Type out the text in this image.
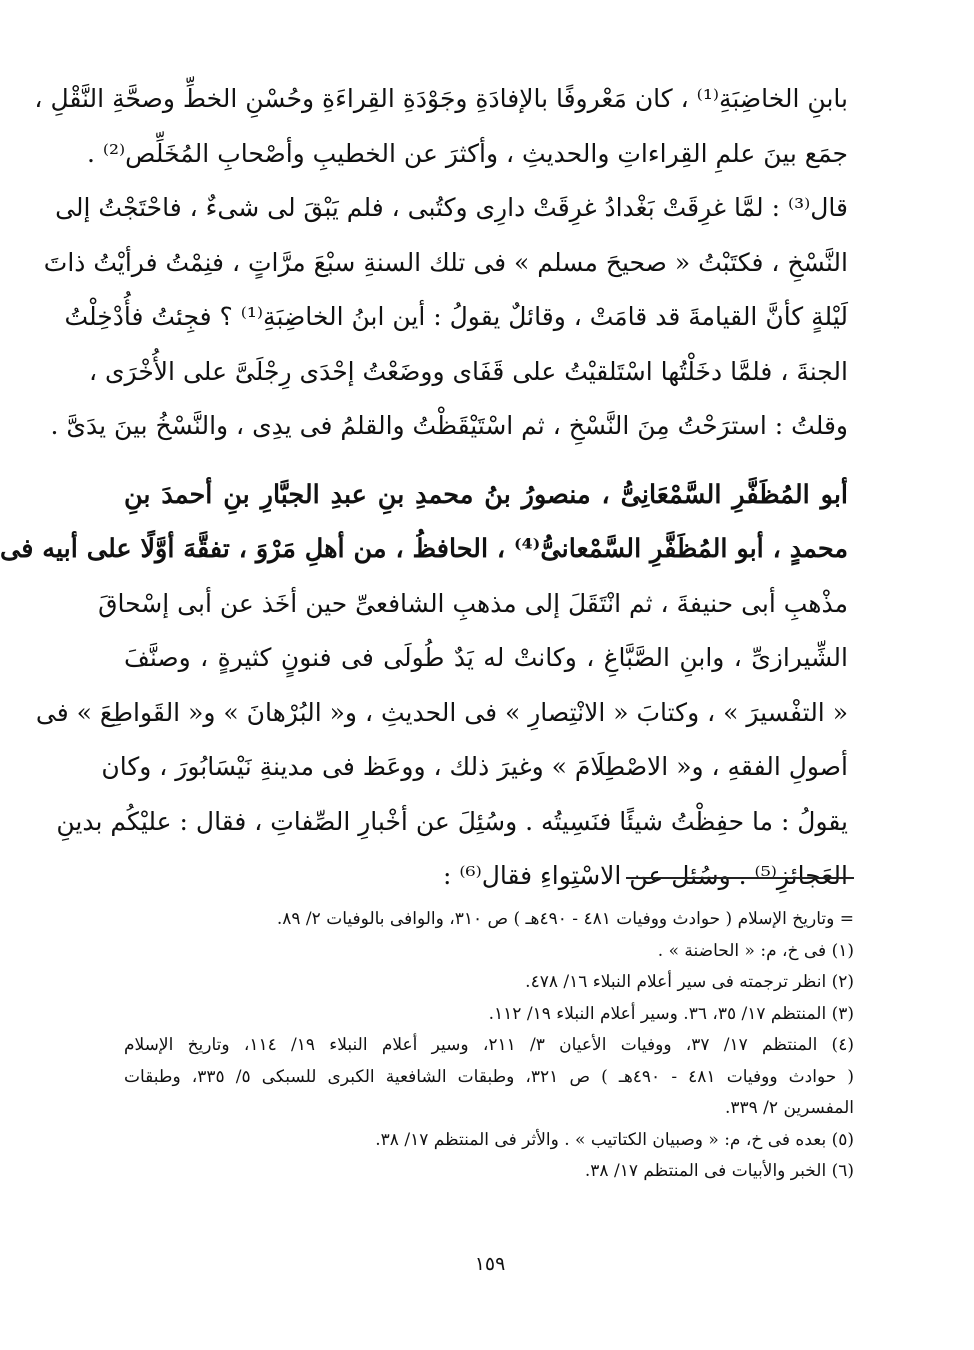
بابنِ الخاضِبَةِ⁽¹⁾ ، كان مَعْروفًا بالإفادَةِ وجَوْدَةِ القِراءَةِ وحُسْنِ الخطِّ وصحَّةِ النَّقْلِ ،
جمَع بينَ علمِ القِراءاتِ والحديثِ ، وأكثرَ عن الخطيبِ وأصْحابِ المُخَلِّص⁽²⁾ .
قال⁽³⁾ : لمَّا غرِقَتْ بَغْدادُ غرِقَتْ دارِى وكتُبى ، فلم يَبْقَ لى شىءٌ ، فاحْتَجْتُ إلى
النَّسْخِ ، فكتَبْتُ « صحيحَ مسلم » فى تلك السنةِ سبْعَ مرَّاتٍ ، فنِمْتُ فرأيْتُ ذاتَ
لَيْلةٍ كأنَّ القيامةَ قد قامَتْ ، وقائلٌ يقولُ : أين ابنُ الخاضِبَةِ⁽¹⁾ ؟ فجِئتُ فأُدْخِلْتُ
الجنةَ ، فلمَّا دخَلْتُها اسْتَلقيْتُ على قَفَاى ووضَعْتُ إحْدَى رِجْلَىَّ على الأُخْرَى ،
وقلتُ : استرَحْتُ مِنَ النَّسْخِ ، ثم اسْتَيْقَظْتُ والقلمُ فى يدِى ، والنَّسْخُ بينَ يدَىَّ .
أبو المُظَفَّرِ السَّمْعَانِىُّ ، منصورُ بنُ محمدِ بنِ عبدِ الجبَّارِ بنِ أحمدَ بنِ
محمدٍ ، أبو المُظَفَّرِ السَّمْعانىُّ⁽⁴⁾ ، الحافظُ ، من أهلِ مَرْوَ ، تفقَّهَ أوَّلًا على أبيه فى
مذْهبِ أبى حنيفةَ ، ثم انْتَقَلَ إلى مذهبِ الشافعىِّ حين أخَذ عن أبى إسْحاقَ
الشِّيرازىِّ ، وابنِ الصَّبَّاغِ ، وكانتْ له يَدٌ طُولَى فى فنونٍ كثيرةٍ ، وصنَّفَ
« التفْسيرَ » ، وكتابَ « الانْتِصارِ » فى الحديثِ ، و« البُرْهانَ » و« القَواطِعَ » فى
أصولِ الفقهِ ، و« الاصْطِلَامَ » وغيرَ ذلك ، ووعَظ فى مدينةِ نَيْسَابُورَ ، وكان
يقولُ : ما حفِظْتُ شيئًا فنَسِيتُه . وسُئِلَ عن أخْبارِ الصِّفاتِ ، فقال : عليْكُم بدينِ
العَجائزِ⁽⁵⁾ . وسُئل عن الاسْتِواءِ فقال⁽⁶⁾ :
= وتاريخ الإسلام ( حوادث ووفيات ٤٨١ - ٤٩٠هـ ) ص ٣١٠، والوافى بالوفيات ٢/ ٨٩.
(١) فى خ، م: « الحاضنة » .
(٢) انظر ترجمته فى سير أعلام النبلاء ١٦/ ٤٧٨.
(٣) المنتظم ١٧/ ٣٥، ٣٦. وسير أعلام النبلاء ١٩/ ١١٢.
(٤) المنتظم ١٧/ ٣٧، ووفيات الأعيان ٣/ ٢١١، وسير أعلام النبلاء ١٩/ ١١٤، وتاريخ الإسلام
( حوادث ووفيات ٤٨١ - ٤٩٠هـ ) ص ٣٢١، وطبقات الشافعية الكبرى للسبكى ٥/ ٣٣٥، وطبقات
المفسرين ٢/ ٣٣٩.
(٥) بعده فى خ، م: « وصبيان الكتاتيب » . والأثر فى المنتظم ١٧/ ٣٨.
(٦) الخبر والأبيات فى المنتظم ١٧/ ٣٨.
١٥٩
